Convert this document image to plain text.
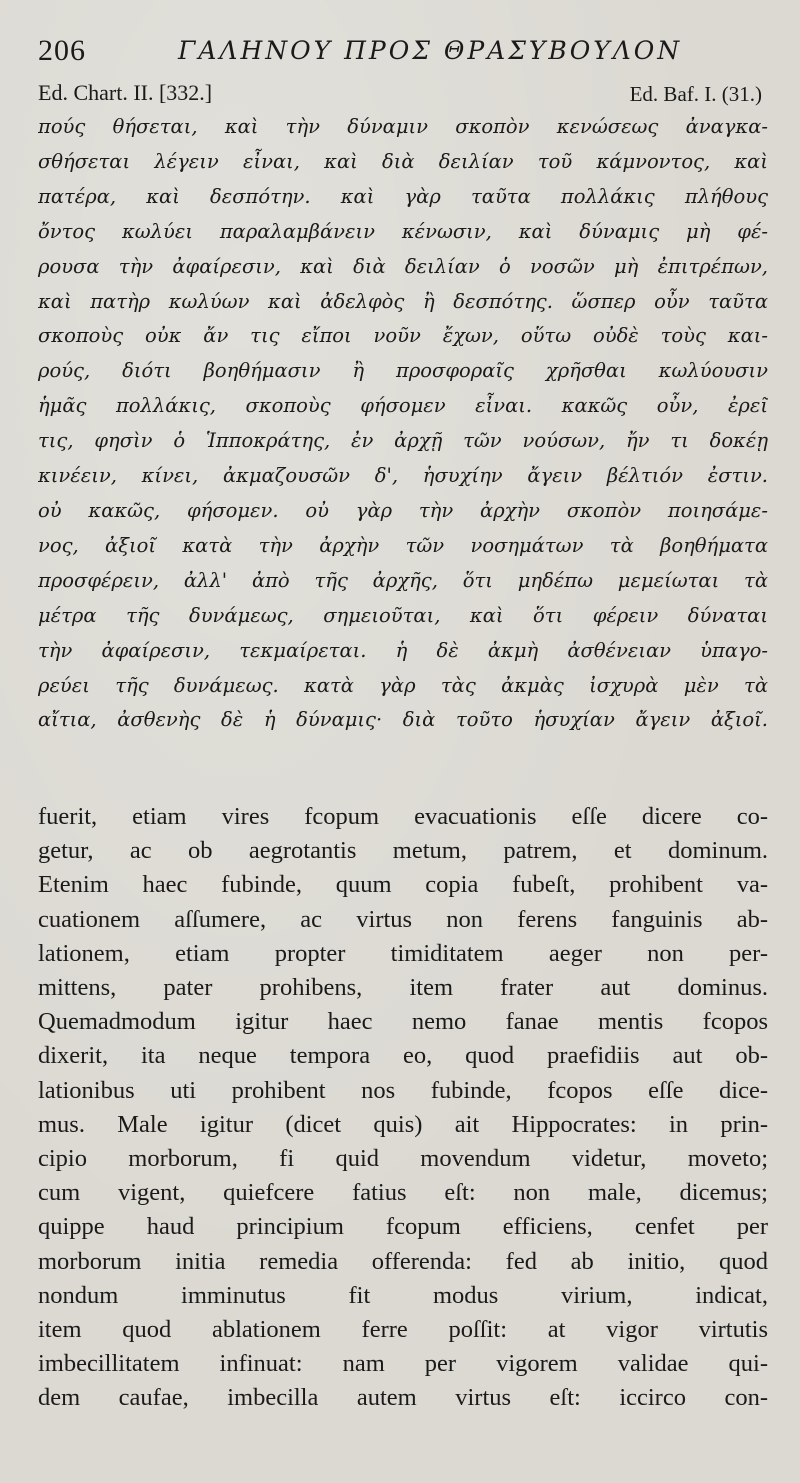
206	ΓΑΛΗΝΟΥ ΠΡΟΣ ΘΡΑΣΥΒΟΥΛΟΝ
Ed. Chart. II. [332.]	Ed. Baf. I. (31.)
πούς θήσεται, καὶ τὴν δύναμιν σκοπὸν κενώσεως ἀναγκα-
σθήσεται λέγειν εἶναι, καὶ διὰ δειλίαν τοῦ κάμνοντος, καὶ
πατέρα, καὶ δεσπότην. καὶ γὰρ ταῦτα πολλάκις πλήθους
ὄντος κωλύει παραλαμβάνειν κένωσιν, καὶ δύναμις μὴ φέ-
ρουσα τὴν ἀφαίρεσιν, καὶ διὰ δειλίαν ὁ νοσῶν μὴ ἐπιτρέπων,
καὶ πατὴρ κωλύων καὶ ἀδελφὸς ἢ δεσπότης. ὥσπερ οὖν ταῦτα
σκοποὺς οὐκ ἄν τις εἴποι νοῦν ἔχων, οὕτω οὐδὲ τοὺς και-
ρούς, διότι βοηθήμασιν ἢ προσφοραῖς χρῆσθαι κωλύουσιν
ἡμᾶς πολλάκις, σκοποὺς φήσομεν εἶναι. κακῶς οὖν, ἐρεῖ
τις, φησὶν ὁ Ἱπποκράτης, ἐν ἀρχῇ τῶν νούσων, ἤν τι δοκέῃ
κινέειν, κίνει, ἀκμαζουσῶν δ', ἡσυχίην ἄγειν βέλτιόν ἐστιν.
οὐ κακῶς, φήσομεν. οὐ γὰρ τὴν ἀρχὴν σκοπὸν ποιησάμε-
νος, ἀξιοῖ κατὰ τὴν ἀρχὴν τῶν νοσημάτων τὰ βοηθήματα
προσφέρειν, ἀλλ' ἀπὸ τῆς ἀρχῆς, ὅτι μηδέπω μεμείωται τὰ
μέτρα τῆς δυνάμεως, σημειοῦται, καὶ ὅτι φέρειν δύναται
τὴν ἀφαίρεσιν, τεκμαίρεται. ἡ δὲ ἀκμὴ ἀσθένειαν ὑπαγο-
ρεύει τῆς δυνάμεως. κατὰ γὰρ τὰς ἀκμὰς ἰσχυρὰ μὲν τὰ
αἴτια, ἀσθενὴς δὲ ἡ δύναμις· διὰ τοῦτο ἡσυχίαν ἄγειν ἀξιοῖ.
fuerit, etiam vires fcopum evacuationis eſſe dicere co-
getur, ac ob aegrotantis metum, patrem, et dominum.
Etenim haec fubinde, quum copia fubeſt, prohibent va-
cuationem aſſumere, ac virtus non ferens fanguinis ab-
lationem, etiam propter timiditatem aeger non per-
mittens, pater prohibens, item frater aut dominus.
Quemadmodum igitur haec nemo fanae mentis fcopos
dixerit, ita neque tempora eo, quod praefidiis aut ob-
lationibus uti prohibent nos fubinde, fcopos eſſe dice-
mus. Male igitur (dicet quis) ait Hippocrates: in prin-
cipio morborum, fi quid movendum videtur, moveto;
cum vigent, quiefcere fatius eſt: non male, dicemus;
quippe haud principium fcopum efficiens, cenfet per
morborum initia remedia offerenda: fed ab initio, quod
nondum imminutus fit modus virium, indicat,
item quod ablationem ferre poſſit: at vigor virtutis
imbecillitatem infinuat: nam per vigorem validae qui-
dem caufae, imbecilla autem virtus eſt: iccirco con-
